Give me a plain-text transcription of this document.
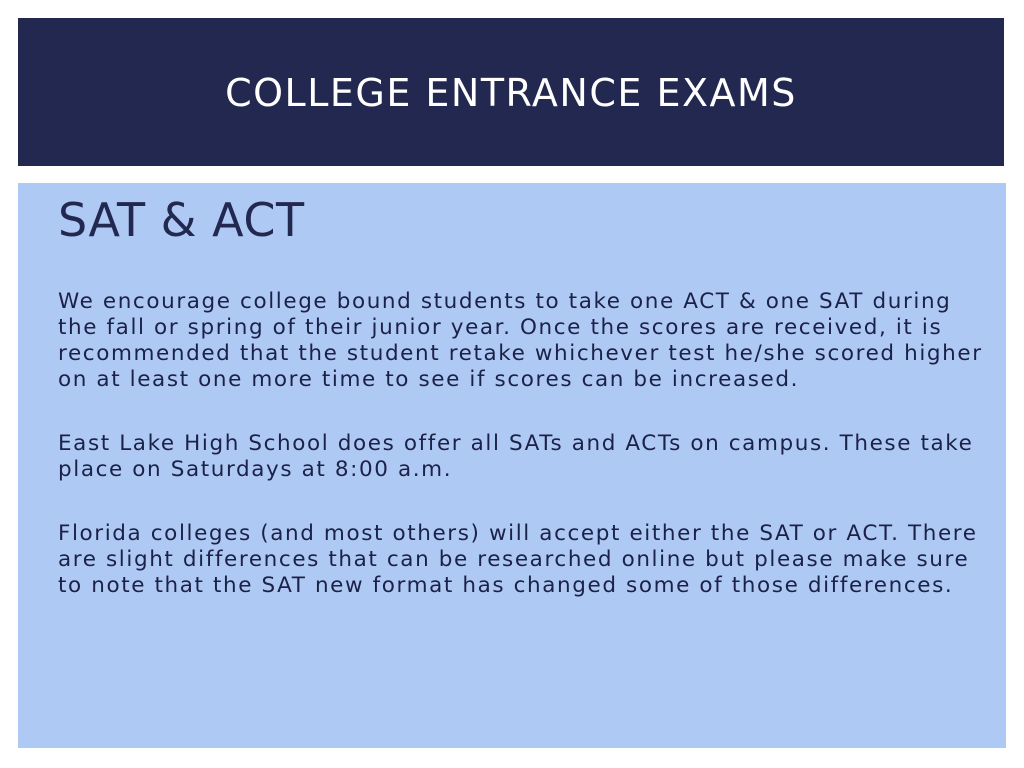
COLLEGE ENTRANCE EXAMS
SAT & ACT

We encourage college bound students to take one ACT & one SAT during the fall or spring of their junior year. Once the scores are received, it is recommended that the student retake whichever test he/she scored higher on at least one more time to see if scores can be increased.

East Lake High School does offer all SATs and ACTs on campus. These take place on Saturdays at 8:00 a.m.

Florida colleges (and most others) will accept either the SAT or ACT. There are slight differences that can be researched online but please make sure to note that the SAT new format has changed some of those differences.
